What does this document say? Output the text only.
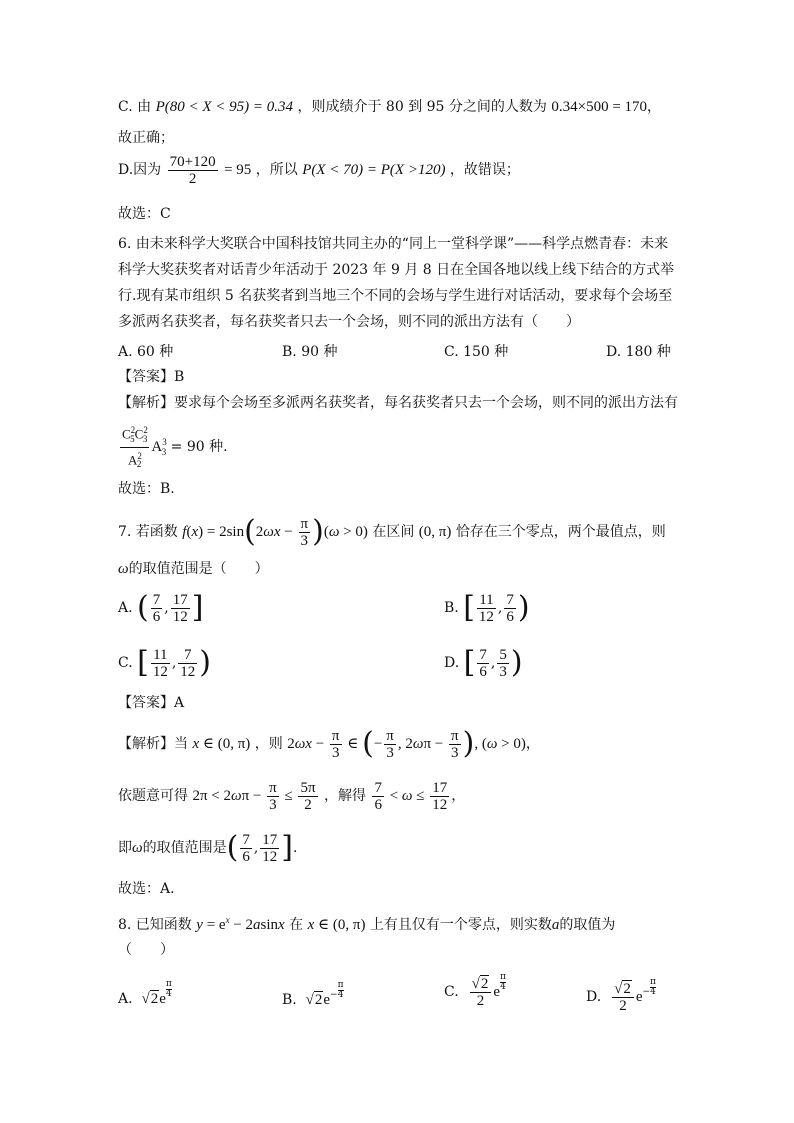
C. 由 P(80 < X < 95) = 0.34 ，则成绩介于 80 到 95 分之间的人数为 0.34×500 = 170，
故正确；
D.因为 $\frac{70+120}{2} = 95$ ，所以 P(X < 70) = P(X >120) ，故错误；
故选：C
6. 由未来科学大奖联合中国科技馆共同主办的“同上一堂科学课”——科学点燃青春：未来
科学大奖获奖者对话青少年活动于 2023 年 9 月 8 日在全国各地以线上线下结合的方式举
行.现有某市组织 5 名获奖者到当地三个不同的会场与学生进行对话活动，要求每个会场至
多派两名获奖者，每名获奖者只去一个会场，则不同的派出方法有（　　）
A. 60 种	B. 90 种	C. 150 种	D. 180 种
【答案】B
【解析】要求每个会场至多派两名获奖者，每名获奖者只去一个会场，则不同的派出方法有
$\frac{C^2_5C^2_3}{A^2_2} A^3_3 = 90$ 种.
故选：B.
7. 若函数 $f(x) = 2\sin(2\omega x - \frac{\pi}{3} )(\omega > 0)$ 在区间 (0, π) 恰存在三个零点，两个最值点，则
ω的取值范围是（　　）
A. ( $\frac{7}{6}$ , $\frac{17}{12}$ ]	B. [ $\frac{11}{12}$ , $\frac{7}{6}$ )
C. [ $\frac{11}{12}$ , $\frac{7}{12}$ )	D. [ $\frac{7}{6}$ , $\frac{5}{3}$ )
【答案】A
【解析】当 x ∈ (0, π) ，则 $2\omega x - \frac{\pi}{3}$ ∈ (− $\frac{\pi}{3}$ , $2\omega\pi - \frac{\pi}{3}$ ), (ω > 0)，
依题意可得 $2\pi < 2\omega\pi - \frac{\pi}{3} \le \frac{5\pi}{2}$ ，解得 $\frac{7}{6} < \omega \le \frac{17}{12}$ ，
即ω的取值范围是( $\frac{7}{6}$ , $\frac{17}{12}$ ].
故选：A.
8. 已知函数 $y = e^x - 2asinx$ 在 x ∈ (0, π) 上有且仅有一个零点，则实数a的取值为
（　　）
A.  $√2e \frac{\pi}{4}$
B.  $√2e^- \frac{\pi}{4}$	C. $\frac{√2}{2}$ e $\frac{\pi}{4}$
D. $\frac{√2}{2} e^- \frac{\pi}{4}$
